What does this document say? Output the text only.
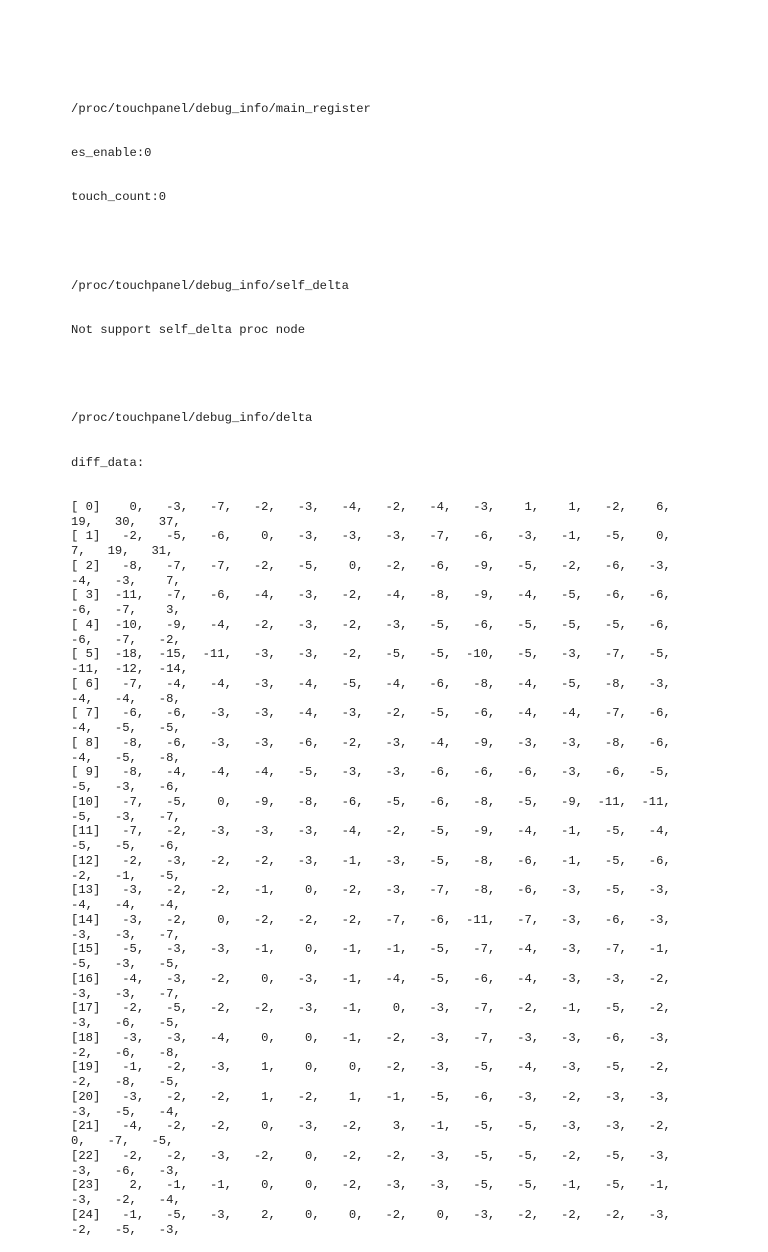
/proc/touchpanel/debug_info/main_register

es_enable:0

touch_count:0

/proc/touchpanel/debug_info/self_delta

Not support self_delta proc node

/proc/touchpanel/debug_info/delta

diff_data:

[ 0]    0,   -3,   -7,   -2,   -3,   -4,   -2,   -4,   -3,    1,    1,   -2,    6,
19,   30,   37,
[ 1]   -2,   -5,   -6,    0,   -3,   -3,   -3,   -7,   -6,   -3,   -1,   -5,    0,
7,   19,   31,
[ 2]   -8,   -7,   -7,   -2,   -5,    0,   -2,   -6,   -9,   -5,   -2,   -6,   -3,
-4,   -3,    7,
[ 3]  -11,   -7,   -6,   -4,   -3,   -2,   -4,   -8,   -9,   -4,   -5,   -6,   -6,
-6,   -7,    3,
[ 4]  -10,   -9,   -4,   -2,   -3,   -2,   -3,   -5,   -6,   -5,   -5,   -5,   -6,
-6,   -7,   -2,
[ 5]  -18,  -15,  -11,   -3,   -3,   -2,   -5,   -5,  -10,   -5,   -3,   -7,   -5,
-11,  -12,  -14,
[ 6]   -7,   -4,   -4,   -3,   -4,   -5,   -4,   -6,   -8,   -4,   -5,   -8,   -3,
-4,   -4,   -8,
[ 7]   -6,   -6,   -3,   -3,   -4,   -3,   -2,   -5,   -6,   -4,   -4,   -7,   -6,
-4,   -5,   -5,
[ 8]   -8,   -6,   -3,   -3,   -6,   -2,   -3,   -4,   -9,   -3,   -3,   -8,   -6,
-4,   -5,   -8,
[ 9]   -8,   -4,   -4,   -4,   -5,   -3,   -3,   -6,   -6,   -6,   -3,   -6,   -5,
-5,   -3,   -6,
[10]   -7,   -5,    0,   -9,   -8,   -6,   -5,   -6,   -8,   -5,   -9,  -11,  -11,
-5,   -3,   -7,
[11]   -7,   -2,   -3,   -3,   -3,   -4,   -2,   -5,   -9,   -4,   -1,   -5,   -4,
-5,   -5,   -6,
[12]   -2,   -3,   -2,   -2,   -3,   -1,   -3,   -5,   -8,   -6,   -1,   -5,   -6,
-2,   -1,   -5,
[13]   -3,   -2,   -2,   -1,    0,   -2,   -3,   -7,   -8,   -6,   -3,   -5,   -3,
-4,   -4,   -4,
[14]   -3,   -2,    0,   -2,   -2,   -2,   -7,   -6,  -11,   -7,   -3,   -6,   -3,
-3,   -3,   -7,
[15]   -5,   -3,   -3,   -1,    0,   -1,   -1,   -5,   -7,   -4,   -3,   -7,   -1,
-5,   -3,   -5,
[16]   -4,   -3,   -2,    0,   -3,   -1,   -4,   -5,   -6,   -4,   -3,   -3,   -2,
-3,   -3,   -7,
[17]   -2,   -5,   -2,   -2,   -3,   -1,    0,   -3,   -7,   -2,   -1,   -5,   -2,
-3,   -6,   -5,
[18]   -3,   -3,   -4,    0,    0,   -1,   -2,   -3,   -7,   -3,   -3,   -6,   -3,
-2,   -6,   -8,
[19]   -1,   -2,   -3,    1,    0,    0,   -2,   -3,   -5,   -4,   -3,   -5,   -2,
-2,   -8,   -5,
[20]   -3,   -2,   -2,    1,   -2,    1,   -1,   -5,   -6,   -3,   -2,   -3,   -3,
-3,   -5,   -4,
[21]   -4,   -2,   -2,    0,   -3,   -2,    3,   -1,   -5,   -5,   -3,   -3,   -2,
0,   -7,   -5,
[22]   -2,   -2,   -3,   -2,    0,   -2,   -2,   -3,   -5,   -5,   -2,   -5,   -3,
-3,   -6,   -3,
[23]    2,   -1,   -1,    0,    0,   -2,   -3,   -3,   -5,   -5,   -1,   -5,   -1,
-3,   -2,   -4,
[24]   -1,   -5,   -3,    2,    0,    0,   -2,    0,   -3,   -2,   -2,   -2,   -3,
-2,   -5,   -3,
